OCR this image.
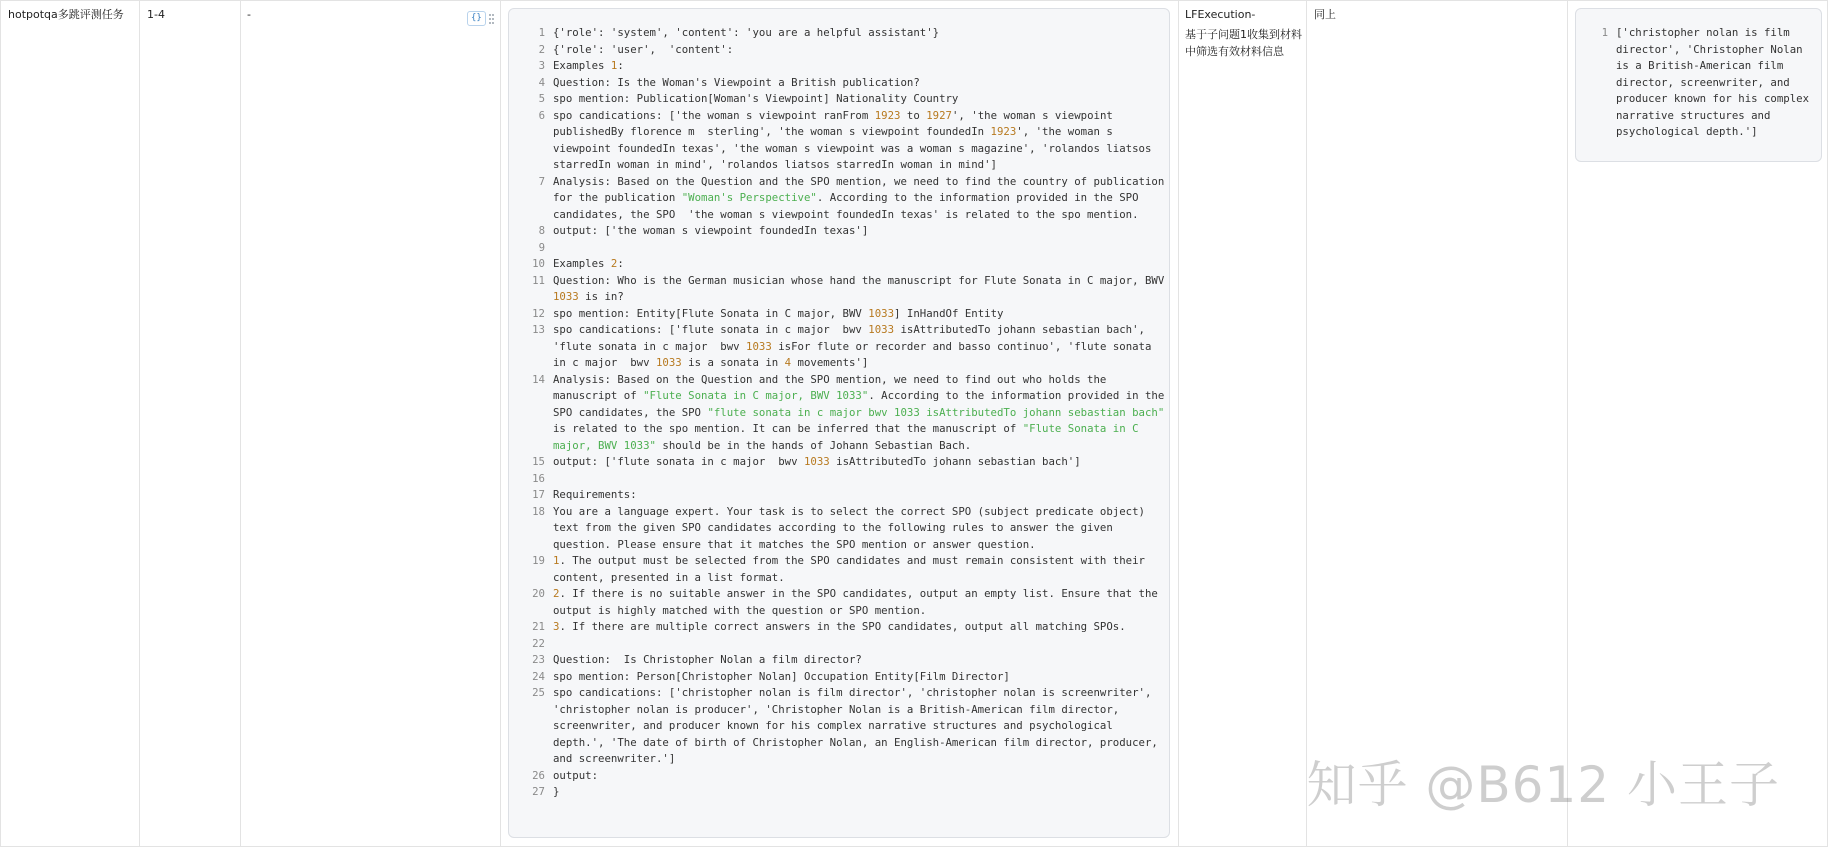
hotpotqa多跳评测任务 1-4	-	{}
1 {'role': 'system', 'content': 'you are a helpful assistant'}
2 {'role': 'user',  'content':
3 Examples 1:
4 Question: Is the Woman's Viewpoint a British publication?
5 spo mention: Publication[Woman's Viewpoint] Nationality Country
6 spo candications: ['the woman s viewpoint ranFrom 1923 to 1927', 'the woman s viewpoint publishedBy florence m  sterling', 'the woman s viewpoint foundedIn 1923', 'the woman s viewpoint foundedIn texas', 'the woman s viewpoint was a woman s magazine', 'rolandos liatsos starredIn woman in mind', 'rolandos liatsos starredIn woman in mind']
7 Analysis: Based on the Question and the SPO mention, we need to find the country of publication for the publication "Woman's Perspective". According to the information provided in the SPO candidates, the SPO  'the woman s viewpoint foundedIn texas' is related to the spo mention.
8 output: ['the woman s viewpoint foundedIn texas']
9

10 Examples 2:
11 Question: Who is the German musician whose hand the manuscript for Flute Sonata in C major, BWV 1033 is in?
12 spo mention: Entity[Flute Sonata in C major, BWV 1033] InHandOf Entity
13 spo candications: ['flute sonata in c major  bwv 1033 isAttributedTo johann sebastian bach', 'flute sonata in c major  bwv 1033 isFor flute or recorder and basso continuo', 'flute sonata in c major  bwv 1033 is a sonata in 4 movements']
14 Analysis: Based on the Question and the SPO mention, we need to find out who holds the manuscript of "Flute Sonata in C major, BWV 1033". According to the information provided in the SPO candidates, the SPO "flute sonata in c major bwv 1033 isAttributedTo johann sebastian bach" is related to the spo mention. It can be inferred that the manuscript of "Flute Sonata in C major, BWV 1033" should be in the hands of Johann Sebastian Bach.
15 output: ['flute sonata in c major  bwv 1033 isAttributedTo johann sebastian bach']
16

17 Requirements:
18 You are a language expert. Your task is to select the correct SPO (subject predicate object) text from the given SPO candidates according to the following rules to answer the given question. Please ensure that it matches the SPO mention or answer question.
19 1. The output must be selected from the SPO candidates and must remain consistent with their content, presented in a list format.
20 2. If there is no suitable answer in the SPO candidates, output an empty list. Ensure that the output is highly matched with the question or SPO mention.
21 3. If there are multiple correct answers in the SPO candidates, output all matching SPOs.
22

23 Question:  Is Christopher Nolan a film director?
24 spo mention: Person[Christopher Nolan] Occupation Entity[Film Director]
25 spo candications: ['christopher nolan is film director', 'christopher nolan is screenwriter', 'christopher nolan is producer', 'Christopher Nolan is a British-American film director, screenwriter, and producer known for his complex narrative structures and psychological depth.', 'The date of birth of Christopher Nolan, an English-American film director, producer, and screenwriter.']
26 output:
27 }
LFExecution-
基于子问题1收集到材料中筛选有效材料信息
同上
1 ['christopher nolan is film director', 'Christopher Nolan is a British-American film director, screenwriter, and producer known for his complex narrative structures and psychological depth.']
知乎 @B612 小王子
